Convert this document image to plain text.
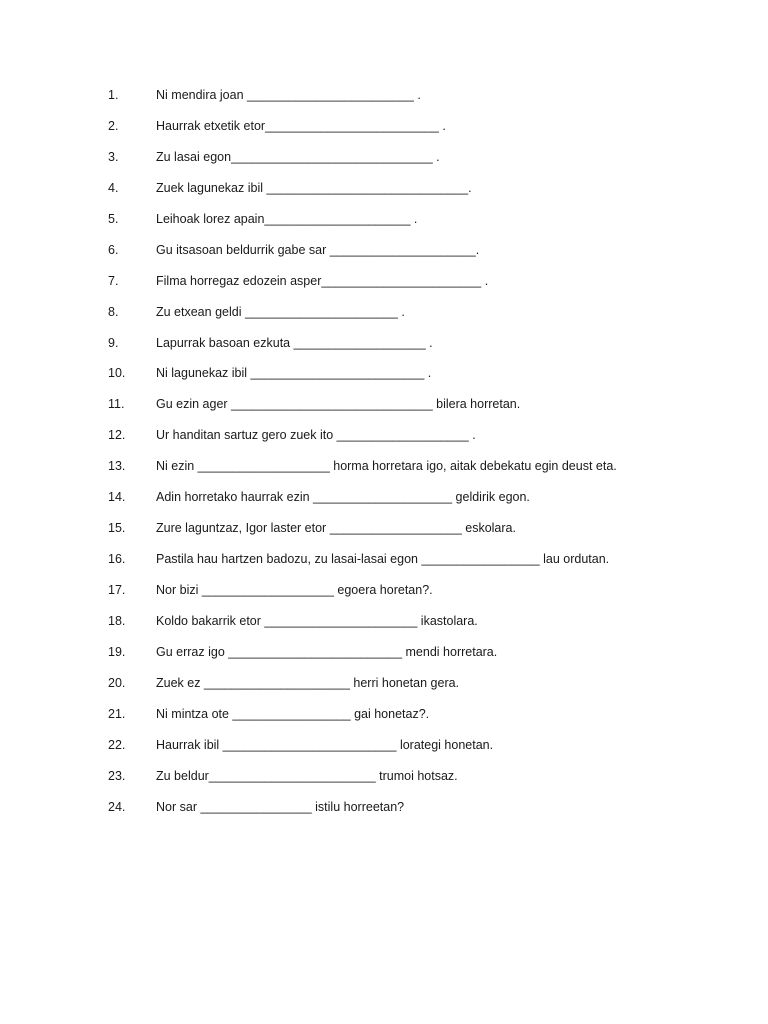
1.	Ni mendira joan ________________________ .
2.	Haurrak etxetik etor_________________________ .
3.	Zu lasai egon_____________________________ .
4.	Zuek lagunekaz ibil _____________________________.
5.	Leihoak lorez apain_____________________ .
6.	Gu itsasoan beldurrik gabe sar _____________________.
7.	Filma horregaz edozein asper_______________________ .
8.	Zu etxean geldi ______________________ .
9.	Lapurrak basoan ezkuta ___________________ .
10.	Ni lagunekaz ibil _________________________ .
11.	Gu ezin ager _____________________________ bilera horretan.
12.	Ur handitan sartuz gero zuek ito ___________________ .
13.	Ni ezin ___________________ horma horretara igo, aitak debekatu egin deust eta.
14.	Adin horretako haurrak ezin ____________________ geldirik egon.
15.	Zure laguntzaz, Igor laster etor ___________________ eskolara.
16.	Pastila hau hartzen badozu, zu lasai-lasai egon _________________ lau ordutan.
17.	Nor bizi ___________________ egoera horetan?.
18.	Koldo bakarrik etor ______________________ ikastolara.
19.	Gu erraz igo _________________________ mendi horretara.
20.	Zuek ez _____________________ herri honetan gera.
21.	Ni mintza ote _________________ gai honetaz?.
22.	Haurrak ibil _________________________ lorategi honetan.
23.	Zu beldur________________________ trumoi hotsaz.
24.	Nor sar ________________ istilu horreetan?
